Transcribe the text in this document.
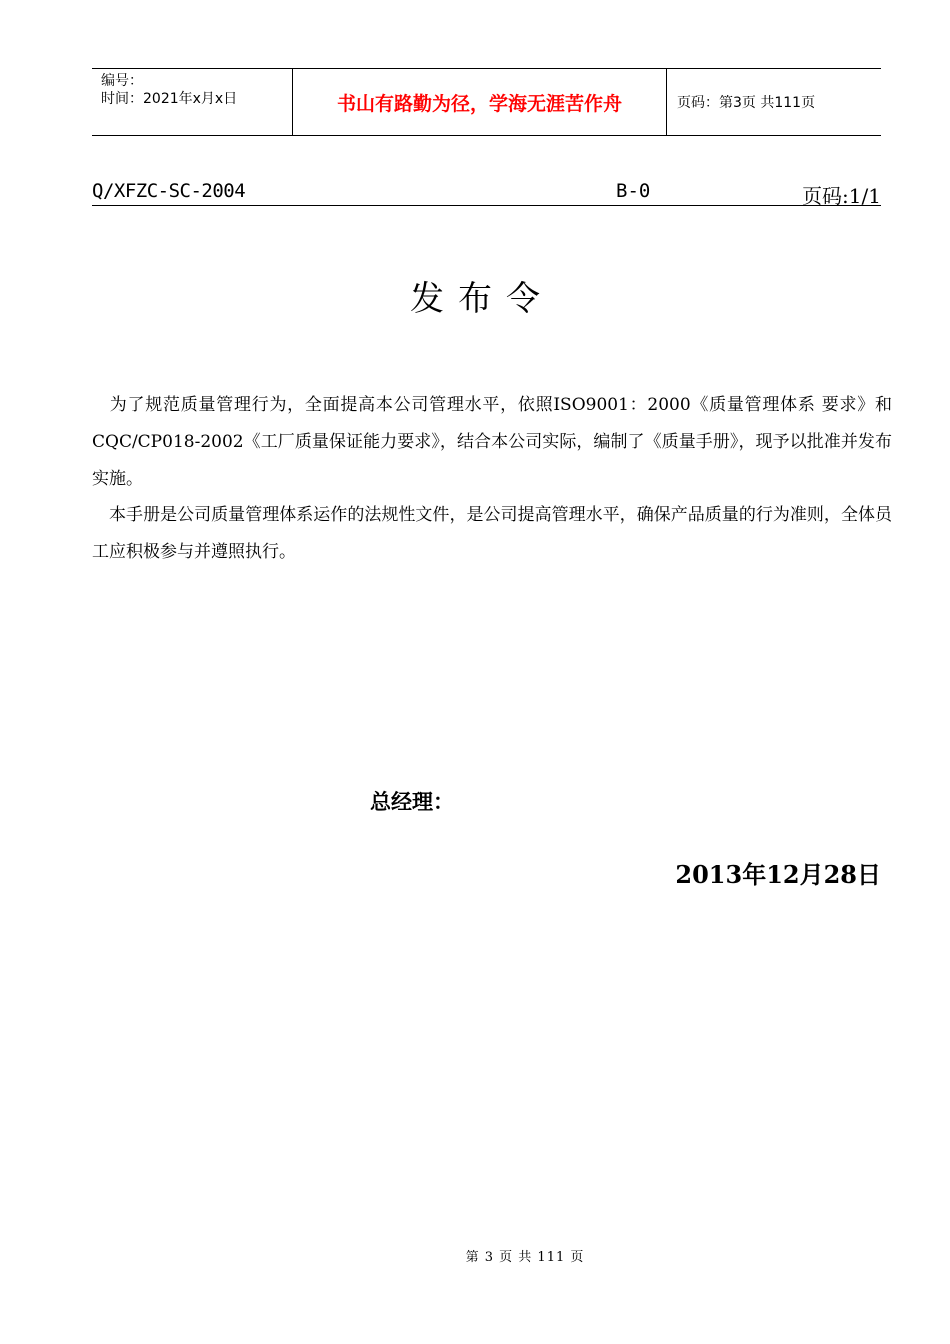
编号：
时间：2021年x月x日	书山有路勤为径，学海无涯苦作舟	页码：第3页 共111页
Q/XFZC-SC-2004	B-0	页码:1/1
发布令
为了规范质量管理行为，全面提高本公司管理水平，依照ISO9001：2000《质量管理体系 要求》和CQC/CP018-2002《工厂质量保证能力要求》，结合本公司实际，编制了《质量手册》，现予以批准并发布实施。
本手册是公司质量管理体系运作的法规性文件，是公司提高管理水平，确保产品质量的行为准则，全体员工应积极参与并遵照执行。
总经理：
2013年12月28日
第 3 页 共 111 页
